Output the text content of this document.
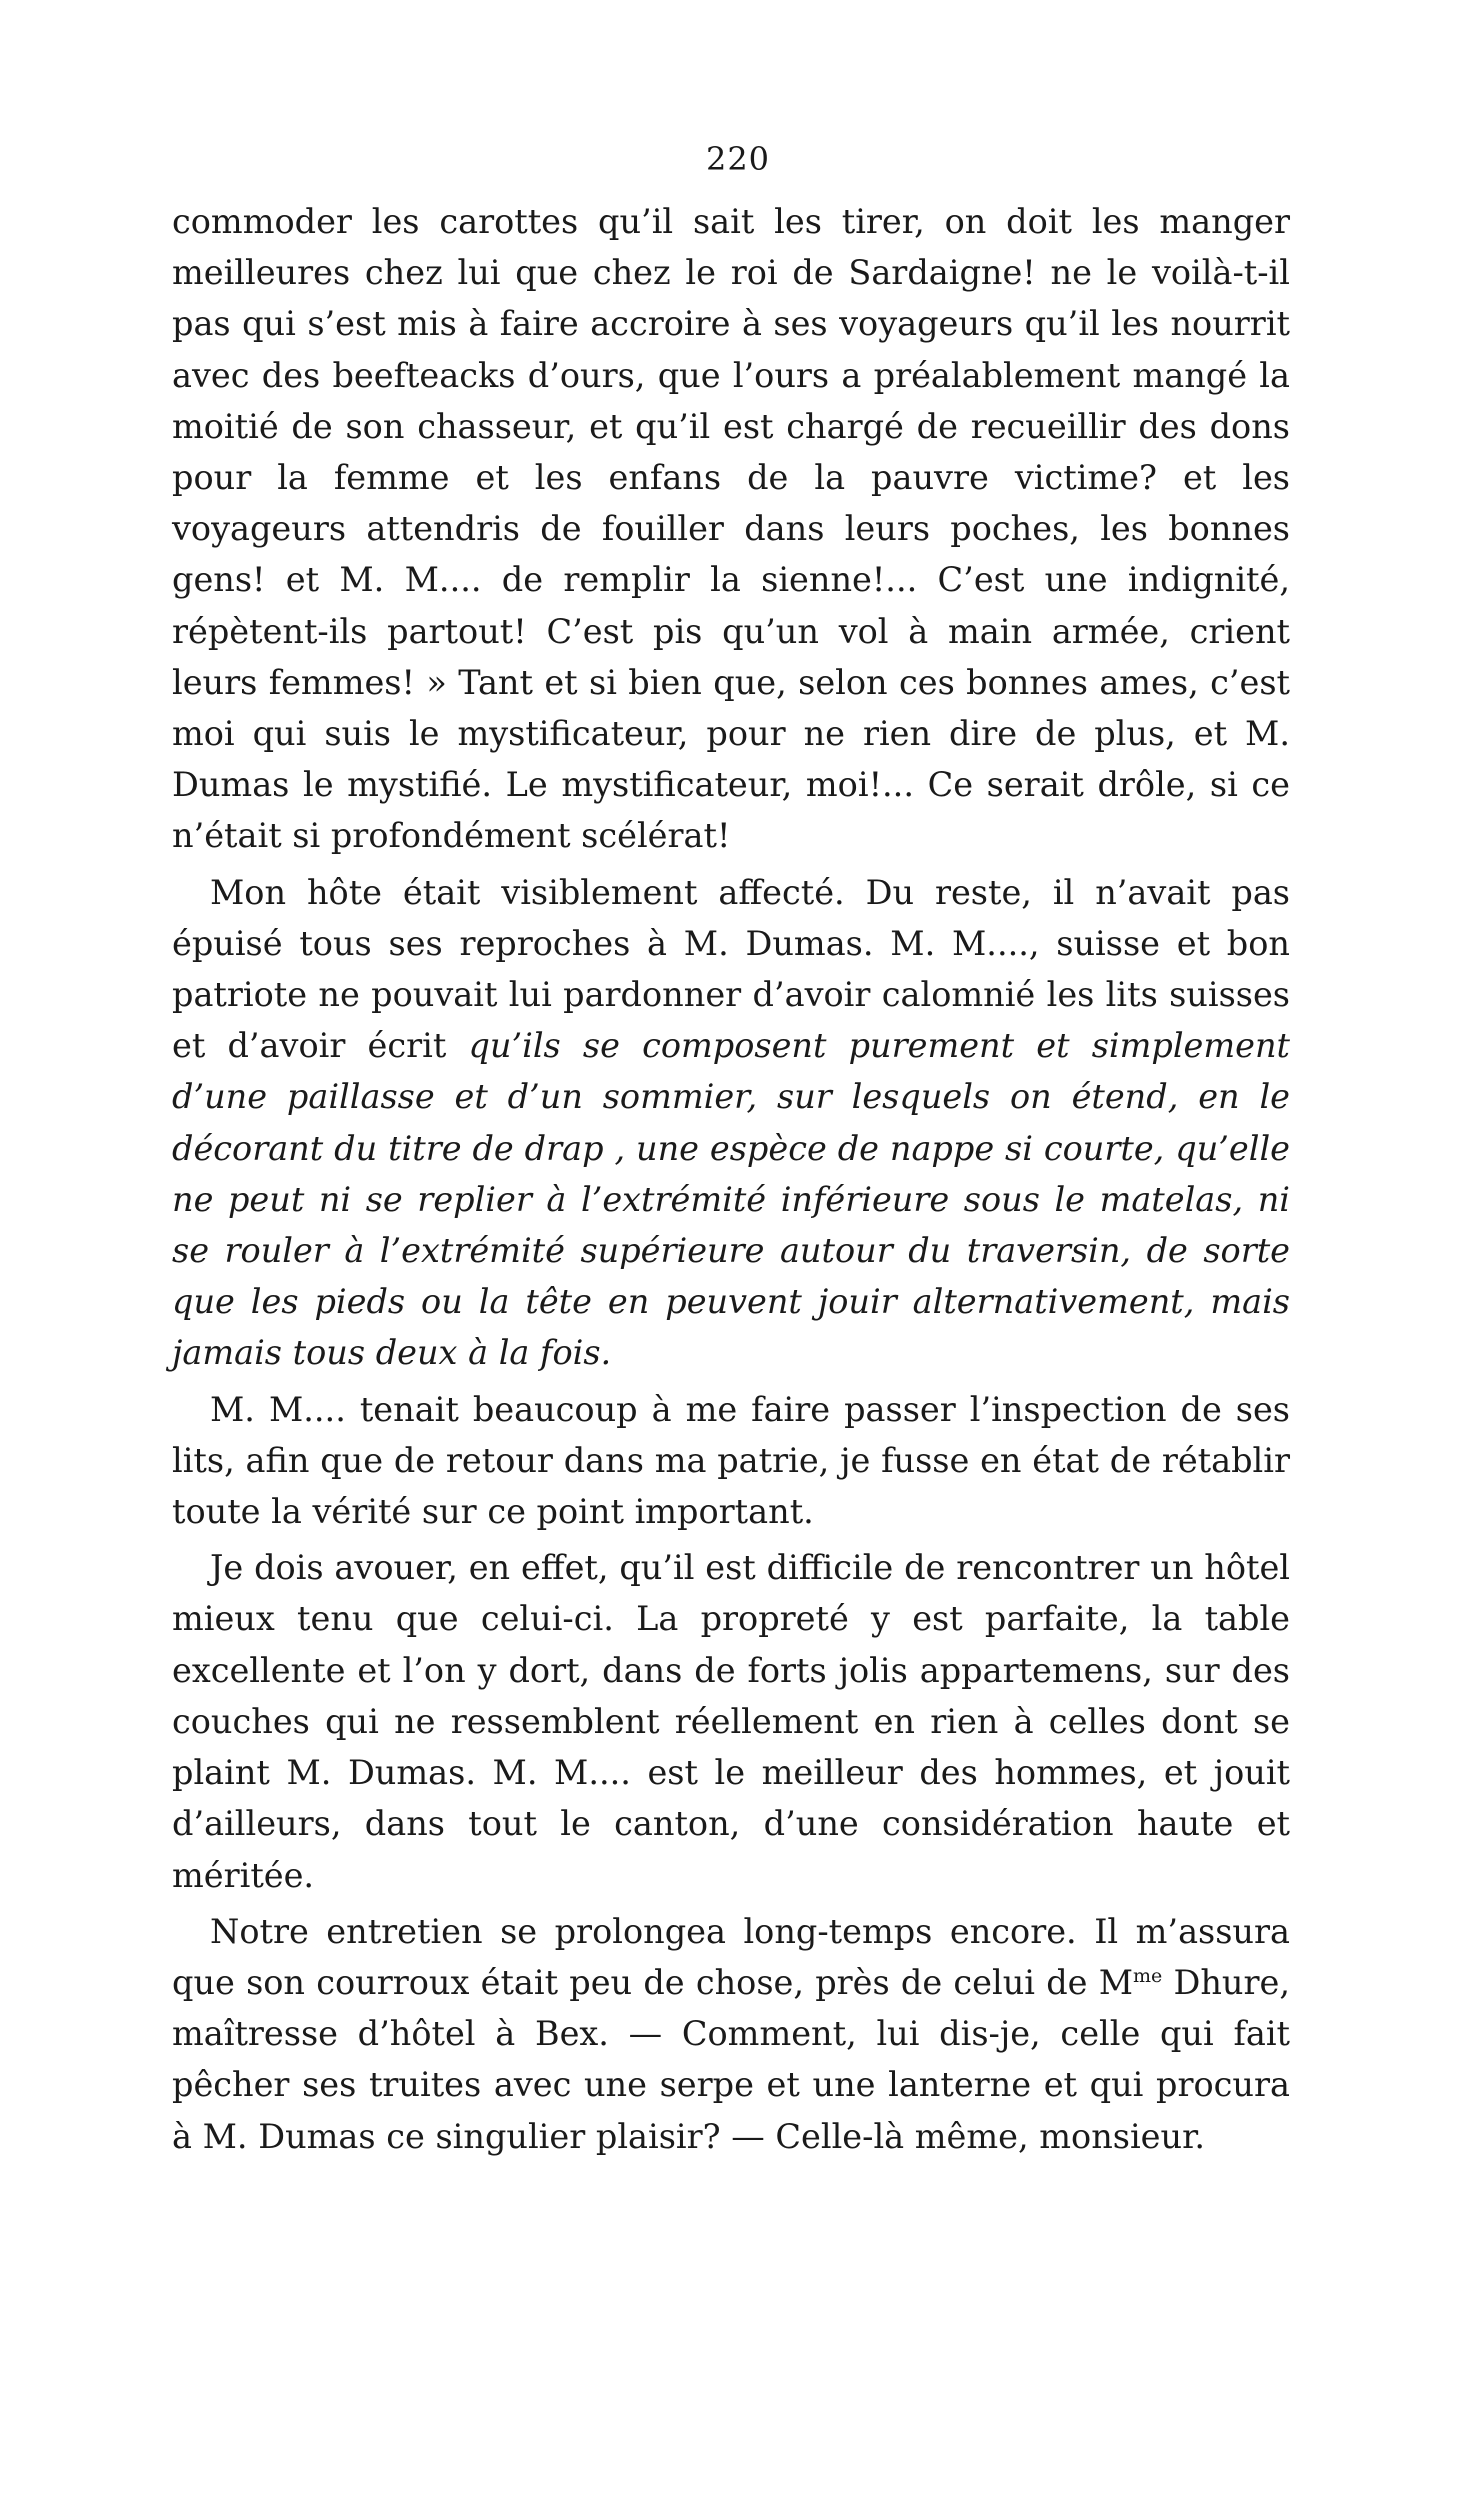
220

commoder les carottes qu’il sait les tirer, on doit les manger meilleures chez lui que chez le roi de Sardaigne! ne le voilà-t-il pas qui s’est mis à faire accroire à ses voyageurs qu’il les nourrit avec des beefteacks d’ours, que l’ours a préalablement mangé la moitié de son chasseur, et qu’il est chargé de recueillir des dons pour la femme et les enfans de la pauvre victime? et les voyageurs attendris de fouiller dans leurs poches, les bonnes gens! et M. M.... de remplir la sienne!... C’est une indignité, répètent-ils partout! C’est pis qu’un vol à main armée, crient leurs femmes! » Tant et si bien que, selon ces bonnes ames, c’est moi qui suis le mystificateur, pour ne rien dire de plus, et M. Dumas le mystifié. Le mystificateur, moi!... Ce serait drôle, si ce n’était si profondément scélérat!

Mon hôte était visiblement affecté. Du reste, il n’avait pas épuisé tous ses reproches à M. Dumas. M. M...., suisse et bon patriote ne pouvait lui pardonner d’avoir calomnié les lits suisses et d’avoir écrit qu’ils se composent purement et simplement d’une paillasse et d’un sommier, sur lesquels on étend, en le décorant du titre de drap , une espèce de nappe si courte, qu’elle ne peut ni se replier à l’extrémité inférieure sous le matelas, ni se rouler à l’extrémité supérieure autour du traversin, de sorte que les pieds ou la tête en peuvent jouir alternativement, mais jamais tous deux à la fois.

M. M.... tenait beaucoup à me faire passer l’inspection de ses lits, afin que de retour dans ma patrie, je fusse en état de rétablir toute la vérité sur ce point important.

Je dois avouer, en effet, qu’il est difficile de rencontrer un hôtel mieux tenu que celui-ci. La propreté y est parfaite, la table excellente et l’on y dort, dans de forts jolis appartemens, sur des couches qui ne ressemblent réellement en rien à celles dont se plaint M. Dumas. M. M.... est le meilleur des hommes, et jouit d’ailleurs, dans tout le canton, d’une considération haute et méritée.

Notre entretien se prolongea long-temps encore. Il m’assura que son courroux était peu de chose, près de celui de $M^{me}$ Dhure, maîtresse d’hôtel à Bex. — Comment, lui dis-je, celle qui fait pêcher ses truites avec une serpe et une lanterne et qui procura à M. Dumas ce singulier plaisir? — Celle-là même, monsieur.
